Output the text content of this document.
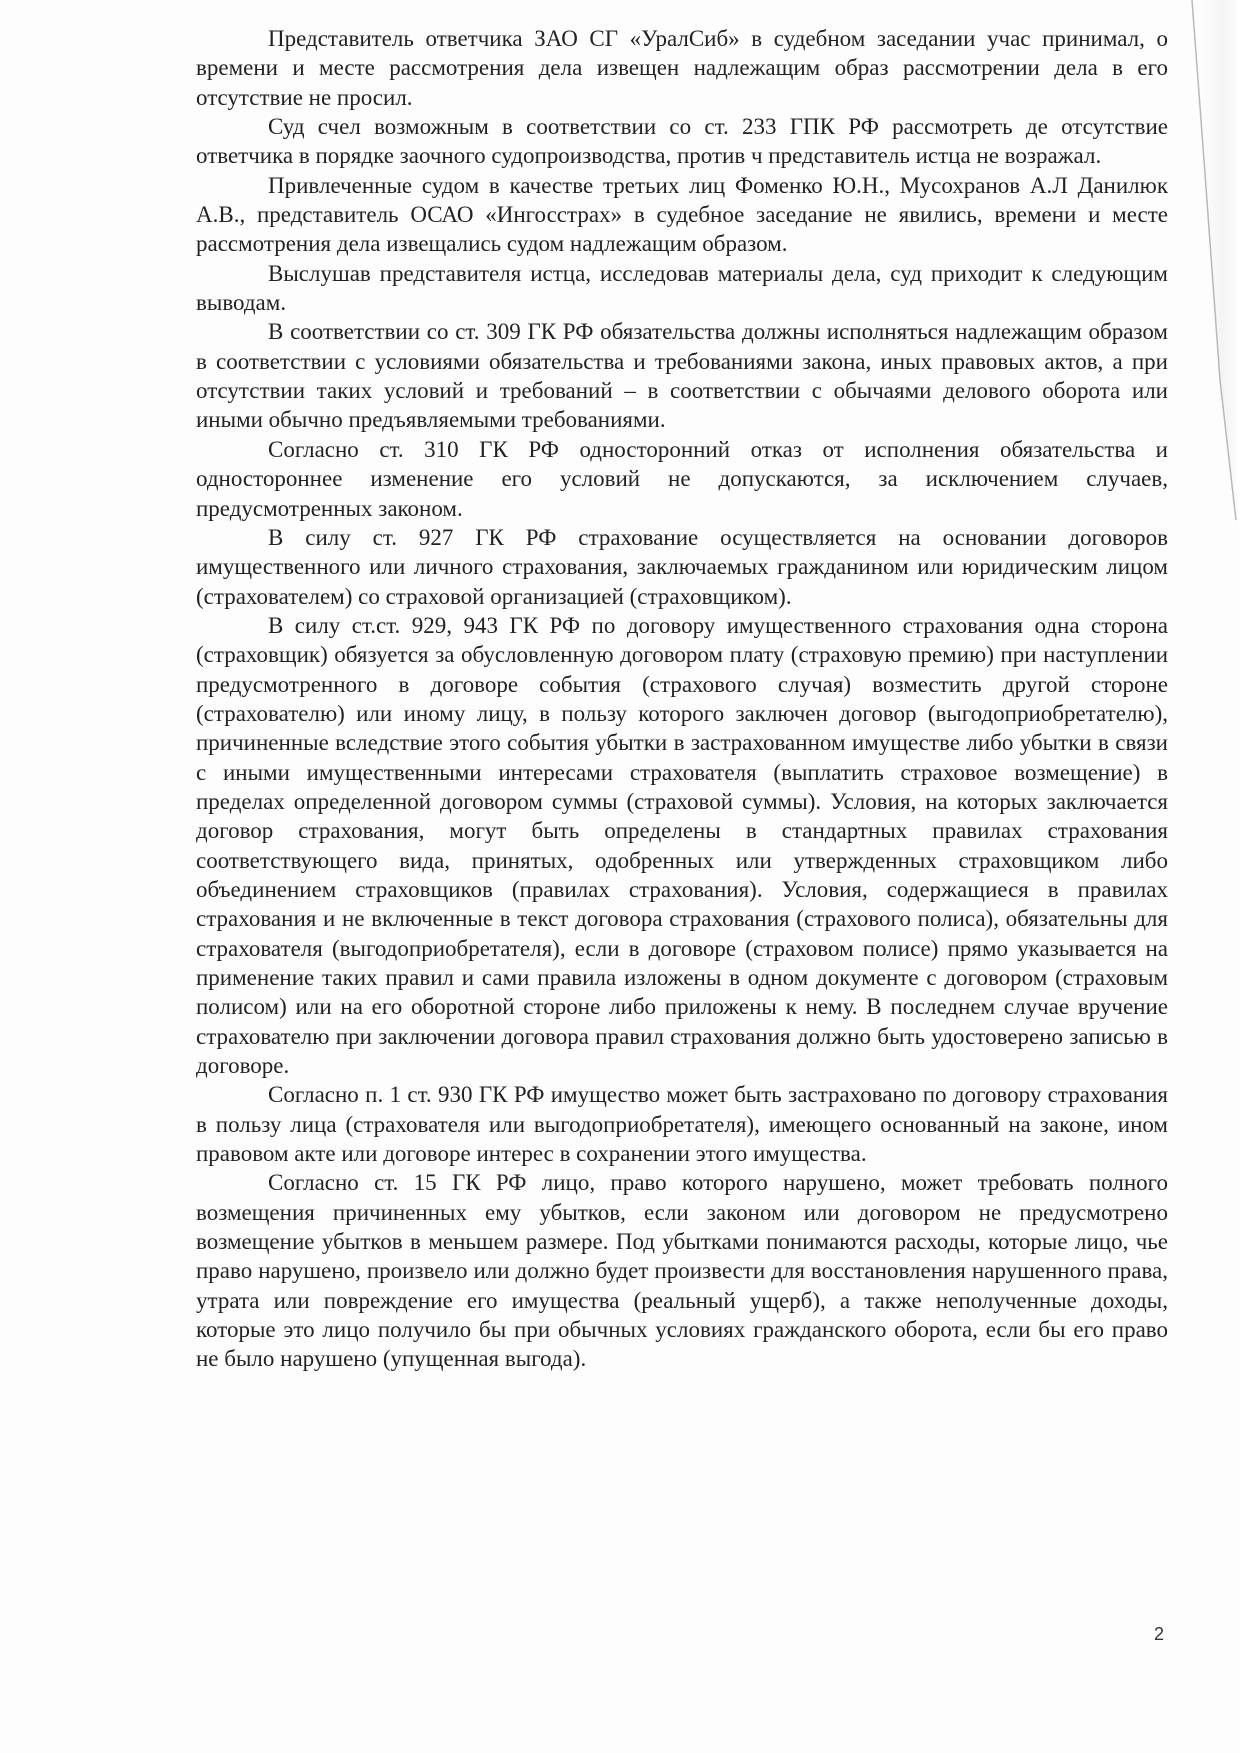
Представитель ответчика ЗАО СГ «УралСиб» в судебном заседании учас принимал, о времени и месте рассмотрения дела извещен надлежащим образ рассмотрении дела в его отсутствие не просил.

Суд счел возможным в соответствии со ст. 233 ГПК РФ рассмотреть де отсутствие ответчика в порядке заочного судопроизводства, против ч представитель истца не возражал.

Привлеченные судом в качестве третьих лиц Фоменко Ю.Н., Мусохранов А.Л Данилюк А.В., представитель ОСАО «Ингосстрах» в судебное заседание не явились, времени и месте рассмотрения дела извещались судом надлежащим образом.

Выслушав представителя истца, исследовав материалы дела, суд приходит к следующим выводам.

В соответствии со ст. 309 ГК РФ обязательства должны исполняться надлежащим образом в соответствии с условиями обязательства и требованиями закона, иных правовых актов, а при отсутствии таких условий и требований – в соответствии с обычаями делового оборота или иными обычно предъявляемыми требованиями.

Согласно ст. 310 ГК РФ односторонний отказ от исполнения обязательства и одностороннее изменение его условий не допускаются, за исключением случаев, предусмотренных законом.

В силу ст. 927 ГК РФ страхование осуществляется на основании договоров имущественного или личного страхования, заключаемых гражданином или юридическим лицом (страхователем) со страховой организацией (страховщиком).

В силу ст.ст. 929, 943 ГК РФ по договору имущественного страхования одна сторона (страховщик) обязуется за обусловленную договором плату (страховую премию) при наступлении предусмотренного в договоре события (страхового случая) возместить другой стороне (страхователю) или иному лицу, в пользу которого заключен договор (выгодоприобретателю), причиненные вследствие этого события убытки в застрахованном имуществе либо убытки в связи с иными имущественными интересами страхователя (выплатить страховое возмещение) в пределах определенной договором суммы (страховой суммы). Условия, на которых заключается договор страхования, могут быть определены в стандартных правилах страхования соответствующего вида, принятых, одобренных или утвержденных страховщиком либо объединением страховщиков (правилах страхования). Условия, содержащиеся в правилах страхования и не включенные в текст договора страхования (страхового полиса), обязательны для страхователя (выгодоприобретателя), если в договоре (страховом полисе) прямо указывается на применение таких правил и сами правила изложены в одном документе с договором (страховым полисом) или на его оборотной стороне либо приложены к нему. В последнем случае вручение страхователю при заключении договора правил страхования должно быть удостоверено записью в договоре.

Согласно п. 1 ст. 930 ГК РФ имущество может быть застраховано по договору страхования в пользу лица (страхователя или выгодоприобретателя), имеющего основанный на законе, ином правовом акте или договоре интерес в сохранении этого имущества.

Согласно ст. 15 ГК РФ лицо, право которого нарушено, может требовать полного возмещения причиненных ему убытков, если законом или договором не предусмотрено возмещение убытков в меньшем размере. Под убытками понимаются расходы, которые лицо, чье право нарушено, произвело или должно будет произвести для восстановления нарушенного права, утрата или повреждение его имущества (реальный ущерб), а также неполученные доходы, которые это лицо получило бы при обычных условиях гражданского оборота, если бы его право не было нарушено (упущенная выгода).

2
